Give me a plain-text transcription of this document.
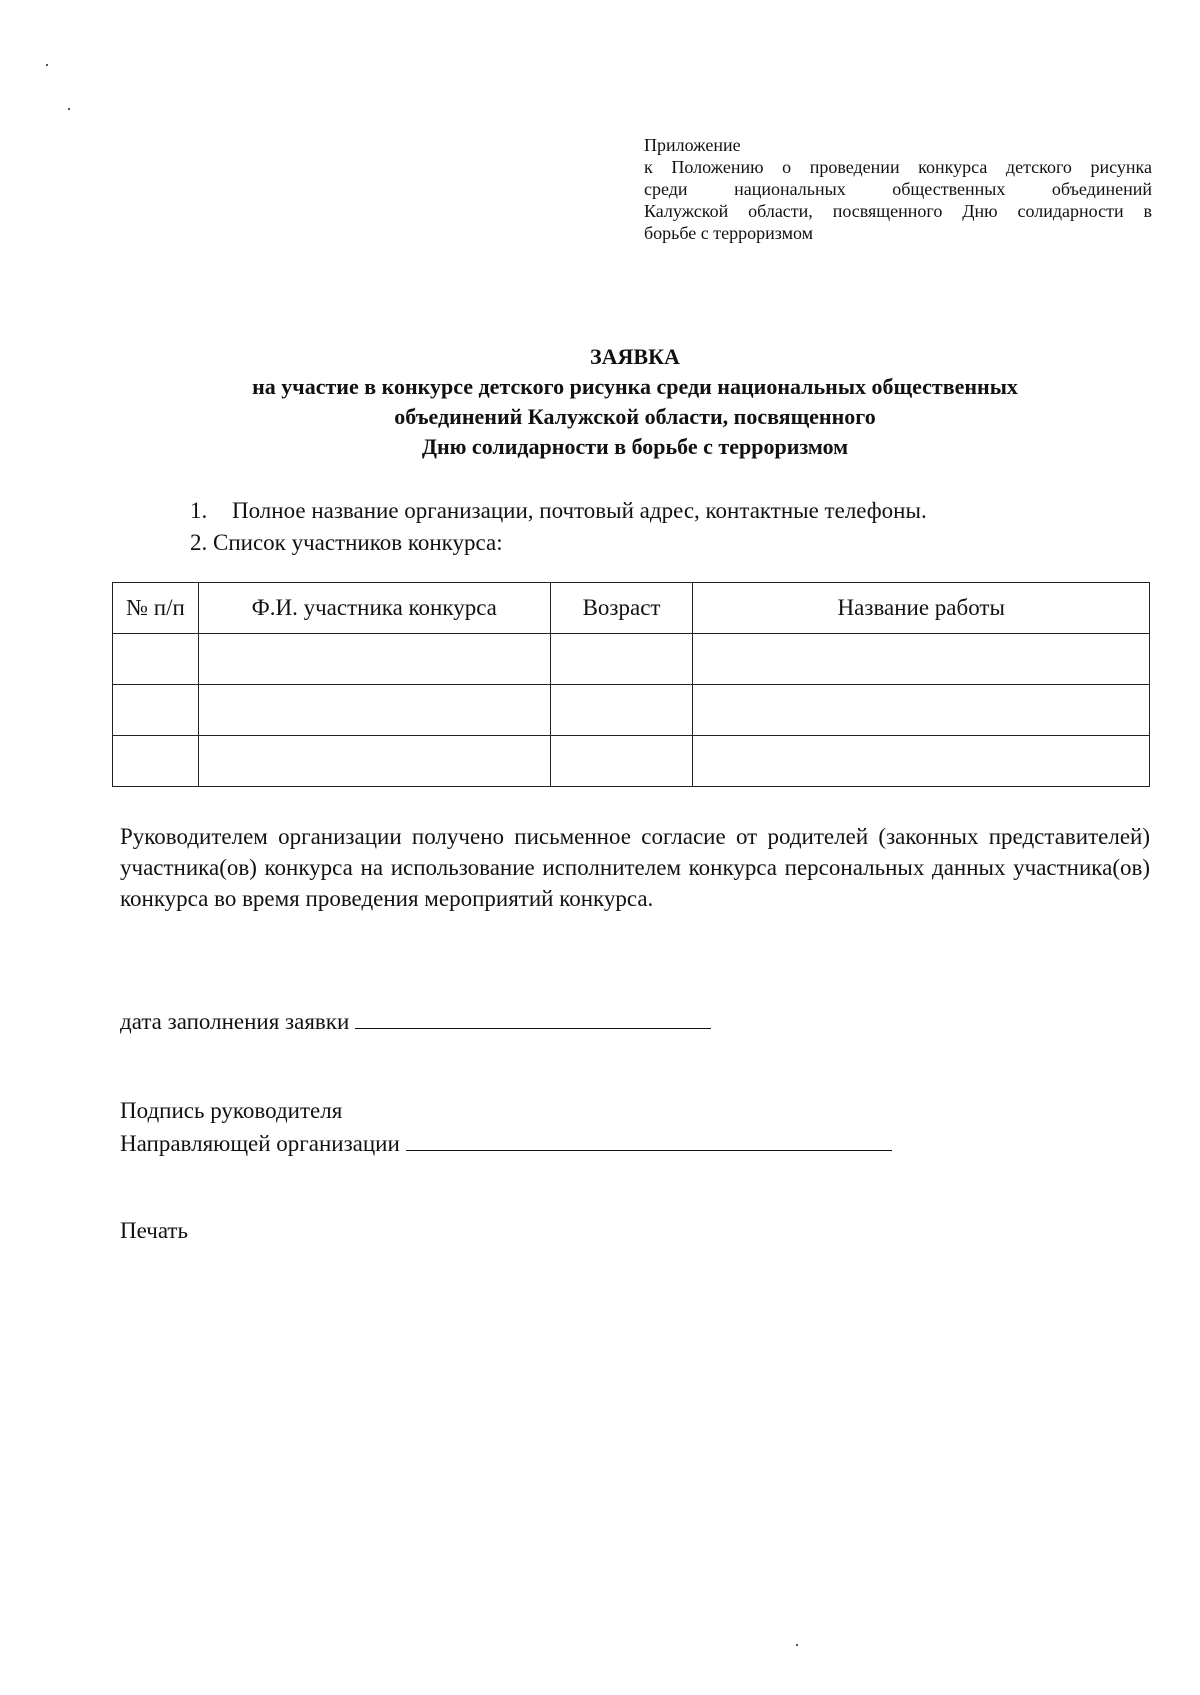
Приложение
к Положению о проведении конкурса детского рисунка
среди национальных общественных объединений
Калужской области, посвященного Дню солидарности в
борьбе с терроризмом
ЗАЯВКА
на участие в конкурсе детского рисунка среди национальных общественных
объединений Калужской области, посвященного
Дню солидарности в борьбе с терроризмом
1. Полное название организации, почтовый адрес, контактные телефоны.
2. Список участников конкурса:
№ п/п	Ф.И. участника конкурса	Возраст	Название работы

Руководителем организации получено письменное согласие от родителей (законных представителей) участника(ов) конкурса на использование исполнителем конкурса персональных данных участника(ов) конкурса во время проведения мероприятий конкурса.
дата заполнения заявки
Подпись руководителя
Направляющей организации
Печать
